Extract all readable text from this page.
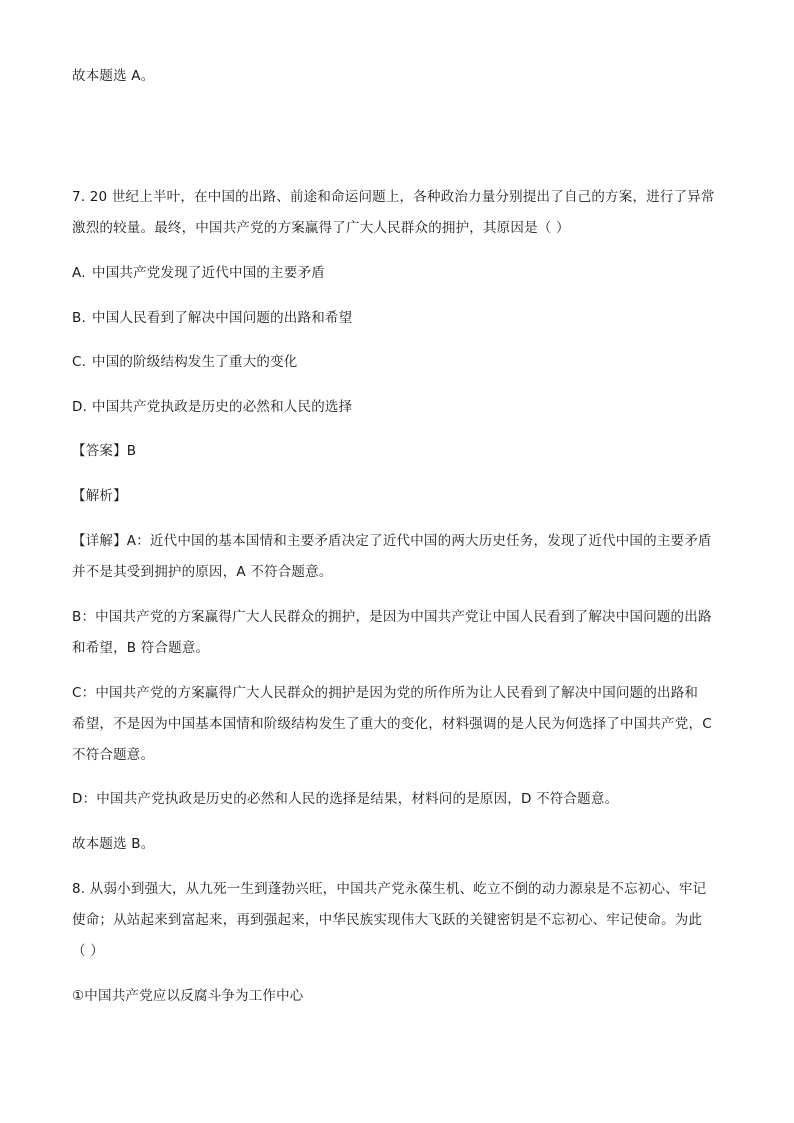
故本题选 A。
7. 20 世纪上半叶，在中国的出路、前途和命运问题上，各种政治力量分别提出了自己的方案，进行了异常
激烈的较量。最终，中国共产党的方案赢得了广大人民群众的拥护，其原因是（ ）
A. 中国共产党发现了近代中国的主要矛盾
B. 中国人民看到了解决中国问题的出路和希望
C. 中国的阶级结构发生了重大的变化
D. 中国共产党执政是历史的必然和人民的选择
【答案】B
【解析】
【详解】A：近代中国的基本国情和主要矛盾决定了近代中国的两大历史任务，发现了近代中国的主要矛盾
并不是其受到拥护的原因，A 不符合题意。
B：中国共产党的方案赢得广大人民群众的拥护，是因为中国共产党让中国人民看到了解决中国问题的出路
和希望，B 符合题意。
C：中国共产党的方案赢得广大人民群众的拥护是因为党的所作所为让人民看到了解决中国问题的出路和
希望，不是因为中国基本国情和阶级结构发生了重大的变化，材料强调的是人民为何选择了中国共产党，C
不符合题意。
D：中国共产党执政是历史的必然和人民的选择是结果，材料问的是原因，D 不符合题意。
故本题选 B。
8. 从弱小到强大，从九死一生到蓬勃兴旺，中国共产党永葆生机、屹立不倒的动力源泉是不忘初心、牢记
使命；从站起来到富起来，再到强起来，中华民族实现伟大飞跃的关键密钥是不忘初心、牢记使命。为此
（ ）
①中国共产党应以反腐斗争为工作中心
